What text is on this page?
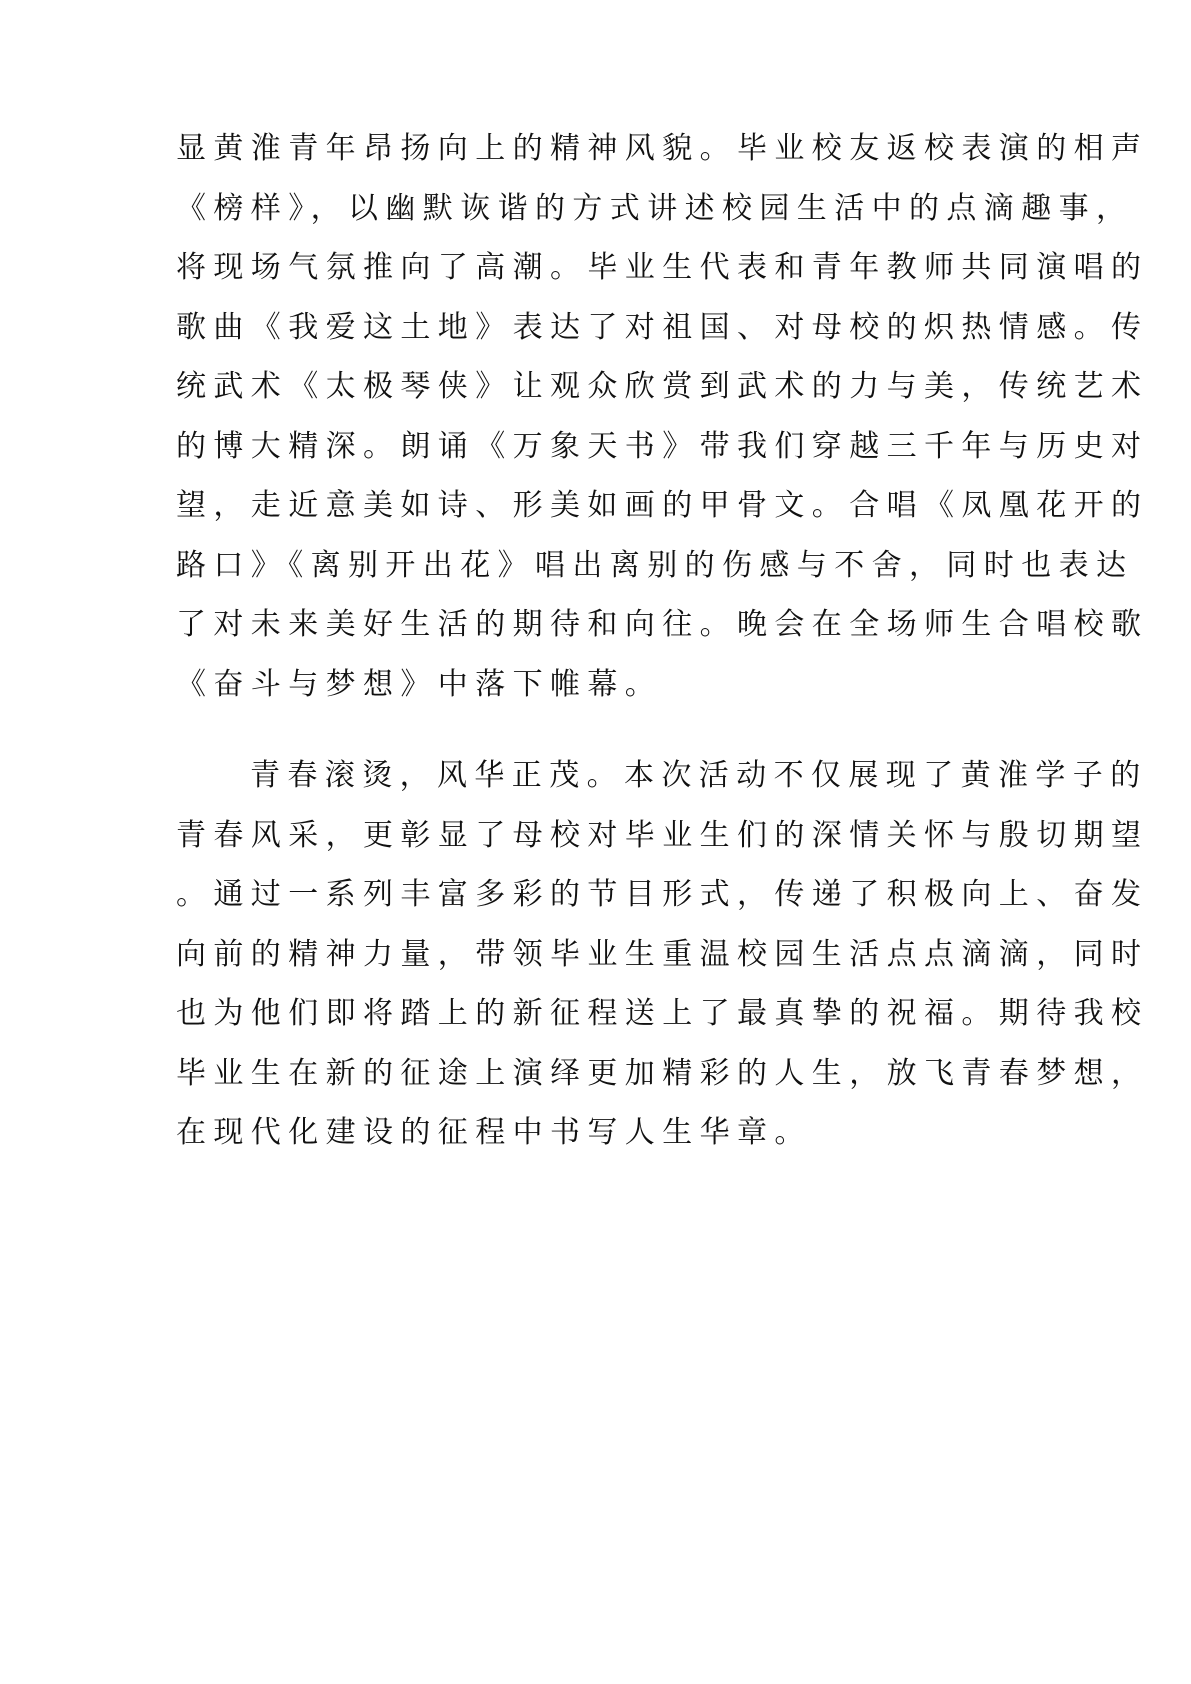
显黄淮青年昂扬向上的精神风貌。毕业校友返校表演的相声
《榜样》，以幽默诙谐的方式讲述校园生活中的点滴趣事，
将现场气氛推向了高潮。毕业生代表和青年教师共同演唱的
歌曲《我爱这土地》表达了对祖国、对母校的炽热情感。传
统武术《太极琴侠》让观众欣赏到武术的力与美，传统艺术
的博大精深。朗诵《万象天书》带我们穿越三千年与历史对
望，走近意美如诗、形美如画的甲骨文。合唱《凤凰花开的
路口》《离别开出花》唱出离别的伤感与不舍，同时也表达
了对未来美好生活的期待和向往。晚会在全场师生合唱校歌
《奋斗与梦想》中落下帷幕。

青春滚烫，风华正茂。本次活动不仅展现了黄淮学子的
青春风采，更彰显了母校对毕业生们的深情关怀与殷切期望
。通过一系列丰富多彩的节目形式，传递了积极向上、奋发
向前的精神力量，带领毕业生重温校园生活点点滴滴，同时
也为他们即将踏上的新征程送上了最真挚的祝福。期待我校
毕业生在新的征途上演绎更加精彩的人生，放飞青春梦想，
在现代化建设的征程中书写人生华章。
